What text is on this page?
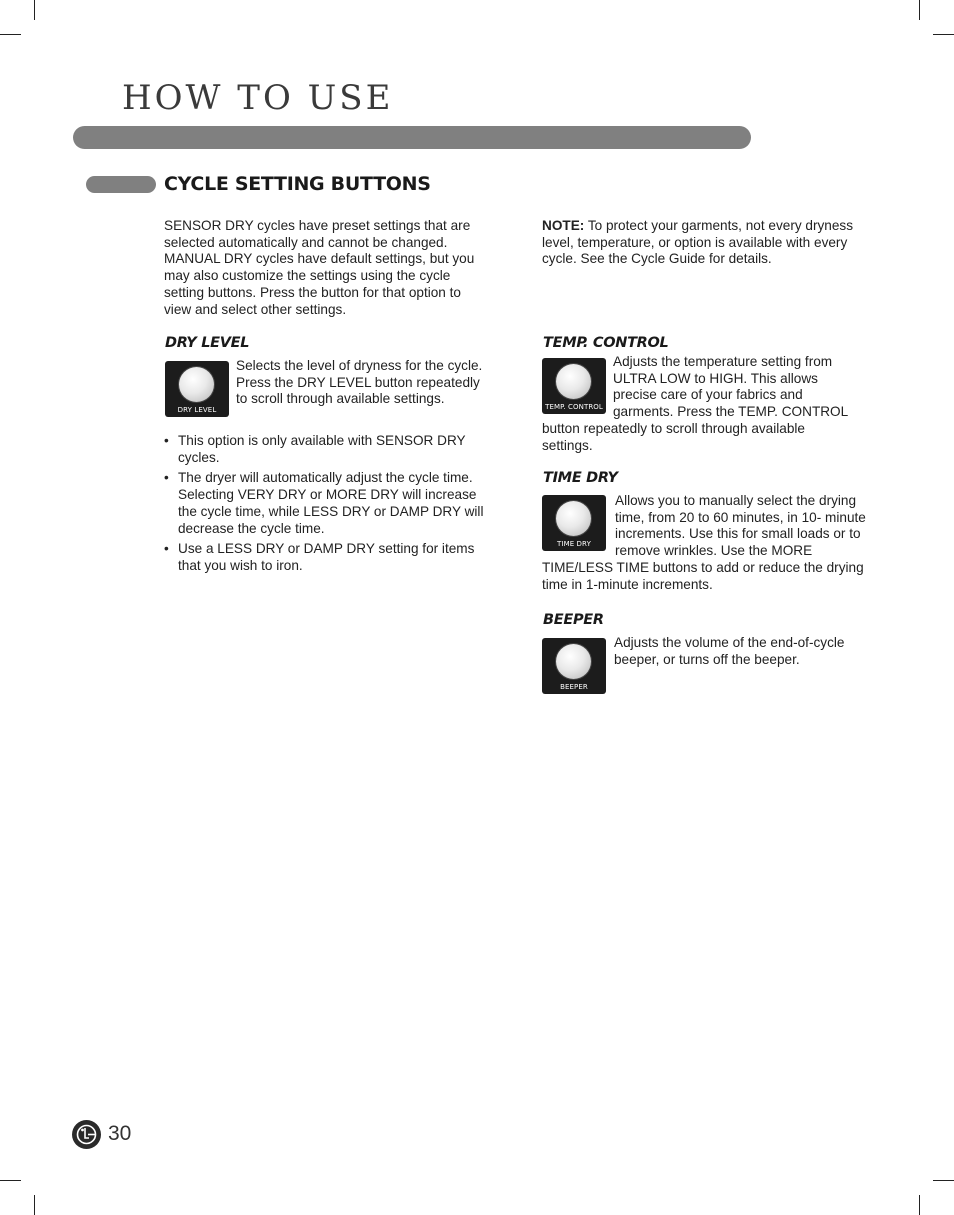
HOW TO USE
CYCLE SETTING BUTTONS

SENSOR DRY cycles have preset settings that are selected automatically and cannot be changed. MANUAL DRY cycles have default settings, but you may also customize the settings using the cycle setting buttons. Press the button for that option to view and select other settings.

DRY LEVEL
DRY LEVEL

Selects the level of dryness for the cycle. Press the DRY LEVEL button repeatedly to scroll through available settings.

• This option is only available with SENSOR DRY cycles.
• The dryer will automatically adjust the cycle time. Selecting VERY DRY or MORE DRY will increase the cycle time, while LESS DRY or DAMP DRY will decrease the cycle time.
• Use a LESS DRY or DAMP DRY setting for items that you wish to iron.

NOTE: To protect your garments, not every dryness level, temperature, or option is available with every cycle. See the Cycle Guide for details.

TEMP. CONTROL
TEMP. CONTROL

Adjusts the temperature setting from ULTRA LOW to HIGH. This allows precise care of your fabrics and garments. Press the TEMP. CONTROL button repeatedly to scroll through available settings.

TIME DRY
TIME DRY

Allows you to manually select the drying time, from 20 to 60 minutes, in 10- minute increments. Use this for small loads or to remove wrinkles. Use the MORE TIME/LESS TIME buttons to add or reduce the drying time in 1-minute increments.

BEEPER
BEEPER

Adjusts the volume of the end-of-cycle beeper, or turns off the beeper.

30
